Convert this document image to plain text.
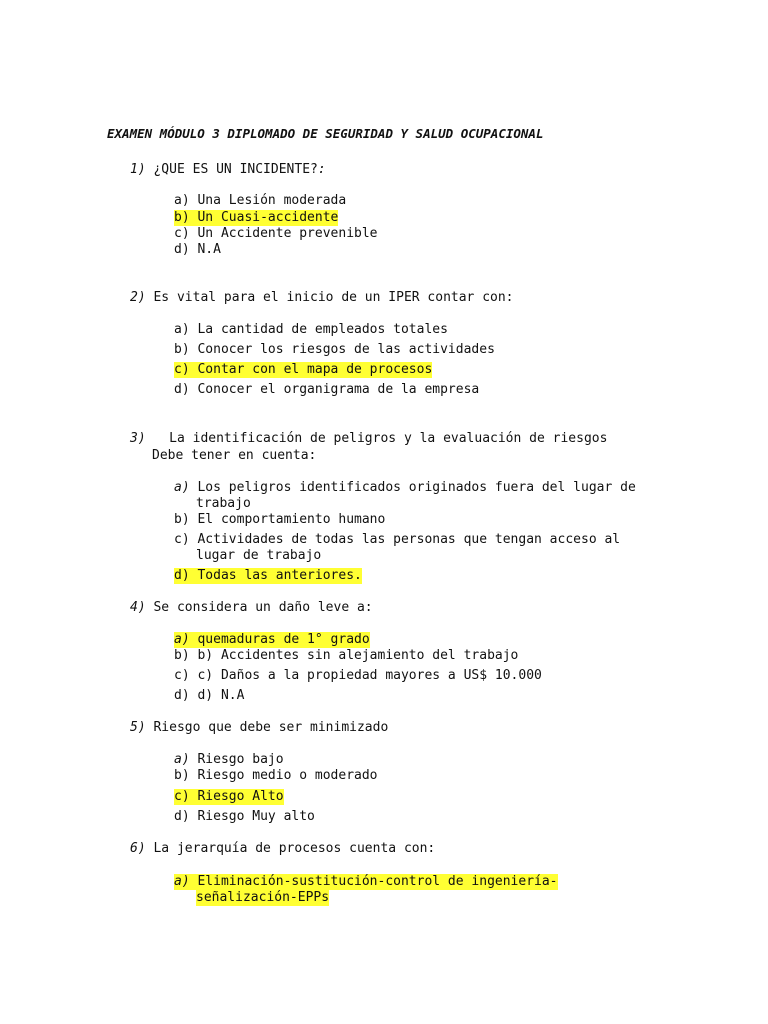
EXAMEN MÓDULO 3 DIPLOMADO DE SEGURIDAD Y SALUD OCUPACIONAL
1) ¿QUE ES UN INCIDENTE?:
a) Una Lesión moderada
b) Un Cuasi-accidente
c) Un Accidente prevenible
d) N.A
2) Es vital para el inicio de un IPER contar con:
a) La cantidad de empleados totales
b) Conocer los riesgos de las actividades
c) Contar con el mapa de procesos
d) Conocer el organigrama de la empresa
3) La identificación de peligros y la evaluación de riesgos
Debe tener en cuenta:
a) Los peligros identificados originados fuera del lugar de
trabajo
b) El comportamiento humano
c) Actividades de todas las personas que tengan acceso al
lugar de trabajo
d) Todas las anteriores.
4) Se considera un daño leve a:
a) quemaduras de 1° grado
b) b) Accidentes sin alejamiento del trabajo
c) c) Daños a la propiedad mayores a US$ 10.000
d) d) N.A
5) Riesgo que debe ser minimizado
a) Riesgo bajo
b) Riesgo medio o moderado
c) Riesgo Alto
d) Riesgo Muy alto
6) La jerarquía de procesos cuenta con:
a) Eliminación-sustitución-control de ingeniería-
señalización-EPPs
